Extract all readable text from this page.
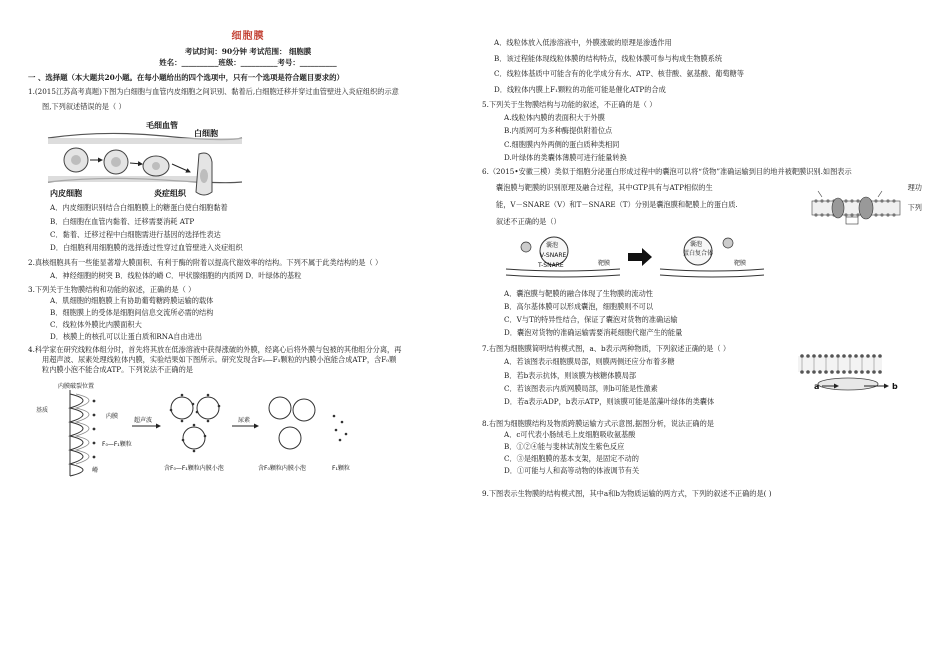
细胞膜
考试时间：90分钟 考试范围： 细胞膜
姓名：__________班级：__________考号：__________
一 、选择题（本大题共20小题。在每小题给出的四个选项中，只有一个选项是符合题目要求的）
1.(2015江苏高考真题)下图为白细胞与血管内皮细胞之间识别、黏着后,白细胞迁移并穿过血管壁进入炎症组织的示意
图,下列叙述错误的是（ ）
毛细血管
白细胞
内皮细胞	炎症组织
A．内皮细胞识别结合白细胞膜上的糖蛋白使白细胞黏着
B．白细胞在血管内黏着、迁移需要消耗 ATP
C．黏着、迁移过程中白细胞需进行基因的选择性表达
D．白细胞利用细胞膜的选择透过性穿过血管壁进入炎症组织
2.真核细胞具有一些能显著增大膜面积、有利于酶的附着以提高代谢效率的结构。下列不属于此类结构的是（ ）
A．神经细胞的树突 B．线粒体的嵴 C．甲状腺细胞的内质网 D．叶绿体的基粒
3.下列关于生物膜结构和功能的叙述，正确的是（ ）
A．肌细胞的细胞膜上有协助葡萄糖跨膜运输的载体
B．细胞膜上的受体是细胞间信息交流所必需的结构
C．线粒体外膜比内膜面积大
D．核膜上的核孔可以让蛋白质和RNA自由进出
4.科学家在研究线粒体组分时，首先将其放在低渗溶液中获得涨破的外膜，经离心后将外膜与包被的其他组分分离，再
用超声波、尿素处理线粒体内膜，实验结果如下图所示。研究发现含F₀—F₁颗粒的内膜小泡能合成ATP，含F₀颗
粒内膜小泡不能合成ATP。下列说法不正确的是
内膜破裂位置
基质
内膜
F₀—F₁颗粒
嵴
超声波	尿素
含F₀—F₁颗粒内膜小泡	含F₀颗粒内膜小泡	F₁颗粒
A．线粒体放入低渗溶液中，外膜涨破的原理是渗透作用
B．该过程能体现线粒体膜的结构特点，线粒体膜可参与构成生物膜系统
C．线粒体基质中可能含有的化学成分有水、ATP、核苷酸、氨基酸、葡萄糖等
D．线粒体内膜上F₁颗粒的功能可能是催化ATP的合成
5.下列关于生物膜结构与功能的叙述，不正确的是（ ）
A.线粒体内膜的表面积大于外膜
B.内质网可为多种酶提供附着位点
C.细胞膜内外两侧的蛋白质种类相同
D.叶绿体的类囊体薄膜可进行能量转换
6.（2015•安徽三模）类似于细胞分泌蛋白形成过程中的囊泡可以将“货物”准确运输到目的地并被靶膜识别.如图表示
囊泡膜与靶膜的识别原理及融合过程，其中GTP具有与ATP相似的生
能，V－SNARE（V）和T－SNARE（T）分别是囊泡膜和靶膜上的蛋白质.
叙述不正确的是（）
理功
下列
囊泡
V-SNARE
T-SNARE	靶膜
囊泡
蛋白复合体
靶膜
A．囊泡膜与靶膜的融合体现了生物膜的流动性
B．高尔基体膜可以形成囊泡，细胞膜则不可以
C．V与T的特异性结合，保证了囊泡对货物的准确运输
D．囊泡对货物的准确运输需要消耗细胞代谢产生的能量
7.右图为细胞膜简明结构模式图，a、b表示两种物质，下列叙述正确的是（ ）
a	b
A．若该图表示细胞膜局部，则膜两侧还应分布着多糖
B．若b表示抗体，则该膜为核糖体膜局部
C．若该图表示内质网膜局部，则b可能是性激素
D．若a表示ADP，b表示ATP，则该膜可能是蓝藻叶绿体的类囊体
8.右图为细胞膜结构及物质跨膜运输方式示意图,据图分析，说法正确的是
A．c可代表小肠绒毛上皮细胞吸收氨基酸
B．①②④能与斐林试剂发生紫色反应
C．③是细胞膜的基本支架，是固定不动的
D．①可能与人和高等动物的体液调节有关
9.下图表示生物膜的结构模式图，其中a和b为物质运输的两方式，下列的叙述不正确的是( )
